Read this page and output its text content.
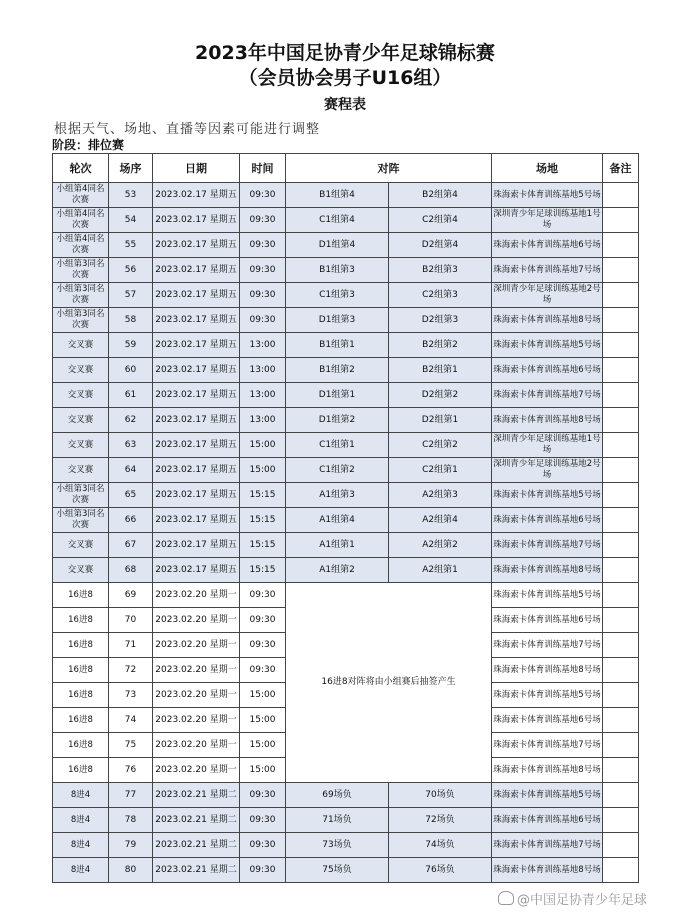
2023年中国足协青少年足球锦标赛
（会员协会男子U16组）
赛程表
根据天气、场地、直播等因素可能进行调整
阶段：排位赛
轮次	场序	日期	时间	对阵		场地	备注
小组第4同名次赛	53	2023.02.17 星期五	09:30	B1组第4	B2组第4	珠海索卡体育训练基地5号场	
小组第4同名次赛	54	2023.02.17 星期五	09:30	C1组第4	C2组第4	深圳青少年足球训练基地1号场	
小组第4同名次赛	55	2023.02.17 星期五	09:30	D1组第4	D2组第4	珠海索卡体育训练基地6号场	
小组第3同名次赛	56	2023.02.17 星期五	09:30	B1组第3	B2组第3	珠海索卡体育训练基地7号场	
小组第3同名次赛	57	2023.02.17 星期五	09:30	C1组第3	C2组第3	深圳青少年足球训练基地2号场	
小组第3同名次赛	58	2023.02.17 星期五	09:30	D1组第3	D2组第3	珠海索卡体育训练基地8号场	
交叉赛	59	2023.02.17 星期五	13:00	B1组第1	B2组第2	珠海索卡体育训练基地5号场	
交叉赛	60	2023.02.17 星期五	13:00	B1组第2	B2组第1	珠海索卡体育训练基地6号场	
交叉赛	61	2023.02.17 星期五	13:00	D1组第1	D2组第2	珠海索卡体育训练基地7号场	
交叉赛	62	2023.02.17 星期五	13:00	D1组第2	D2组第1	珠海索卡体育训练基地8号场	
交叉赛	63	2023.02.17 星期五	15:00	C1组第1	C2组第2	深圳青少年足球训练基地1号场	
交叉赛	64	2023.02.17 星期五	15:00	C1组第2	C2组第1	深圳青少年足球训练基地2号场	
小组第3同名次赛	65	2023.02.17 星期五	15:15	A1组第3	A2组第3	珠海索卡体育训练基地5号场	
小组第3同名次赛	66	2023.02.17 星期五	15:15	A1组第4	A2组第4	珠海索卡体育训练基地6号场	
交叉赛	67	2023.02.17 星期五	15:15	A1组第1	A2组第2	珠海索卡体育训练基地7号场	
交叉赛	68	2023.02.17 星期五	15:15	A1组第2	A2组第1	珠海索卡体育训练基地8号场	
16进8	69	2023.02.20 星期一	09:30	16进8对阵将由小组赛后抽签产生		珠海索卡体育训练基地5号场	
16进8	70	2023.02.20 星期一	09:30			珠海索卡体育训练基地6号场	
16进8	71	2023.02.20 星期一	09:30			珠海索卡体育训练基地7号场	
16进8	72	2023.02.20 星期一	09:30			珠海索卡体育训练基地8号场	
16进8	73	2023.02.20 星期一	15:00			珠海索卡体育训练基地5号场	
16进8	74	2023.02.20 星期一	15:00			珠海索卡体育训练基地6号场	
16进8	75	2023.02.20 星期一	15:00			珠海索卡体育训练基地7号场	
16进8	76	2023.02.20 星期一	15:00			珠海索卡体育训练基地8号场	
8进4	77	2023.02.21 星期二	09:30	69场负	70场负	珠海索卡体育训练基地5号场	
8进4	78	2023.02.21 星期二	09:30	71场负	72场负	珠海索卡体育训练基地6号场	
8进4	79	2023.02.21 星期二	09:30	73场负	74场负	珠海索卡体育训练基地7号场	
8进4	80	2023.02.21 星期二	09:30	75场负	76场负	珠海索卡体育训练基地8号场	
@中国足协青少年足球
